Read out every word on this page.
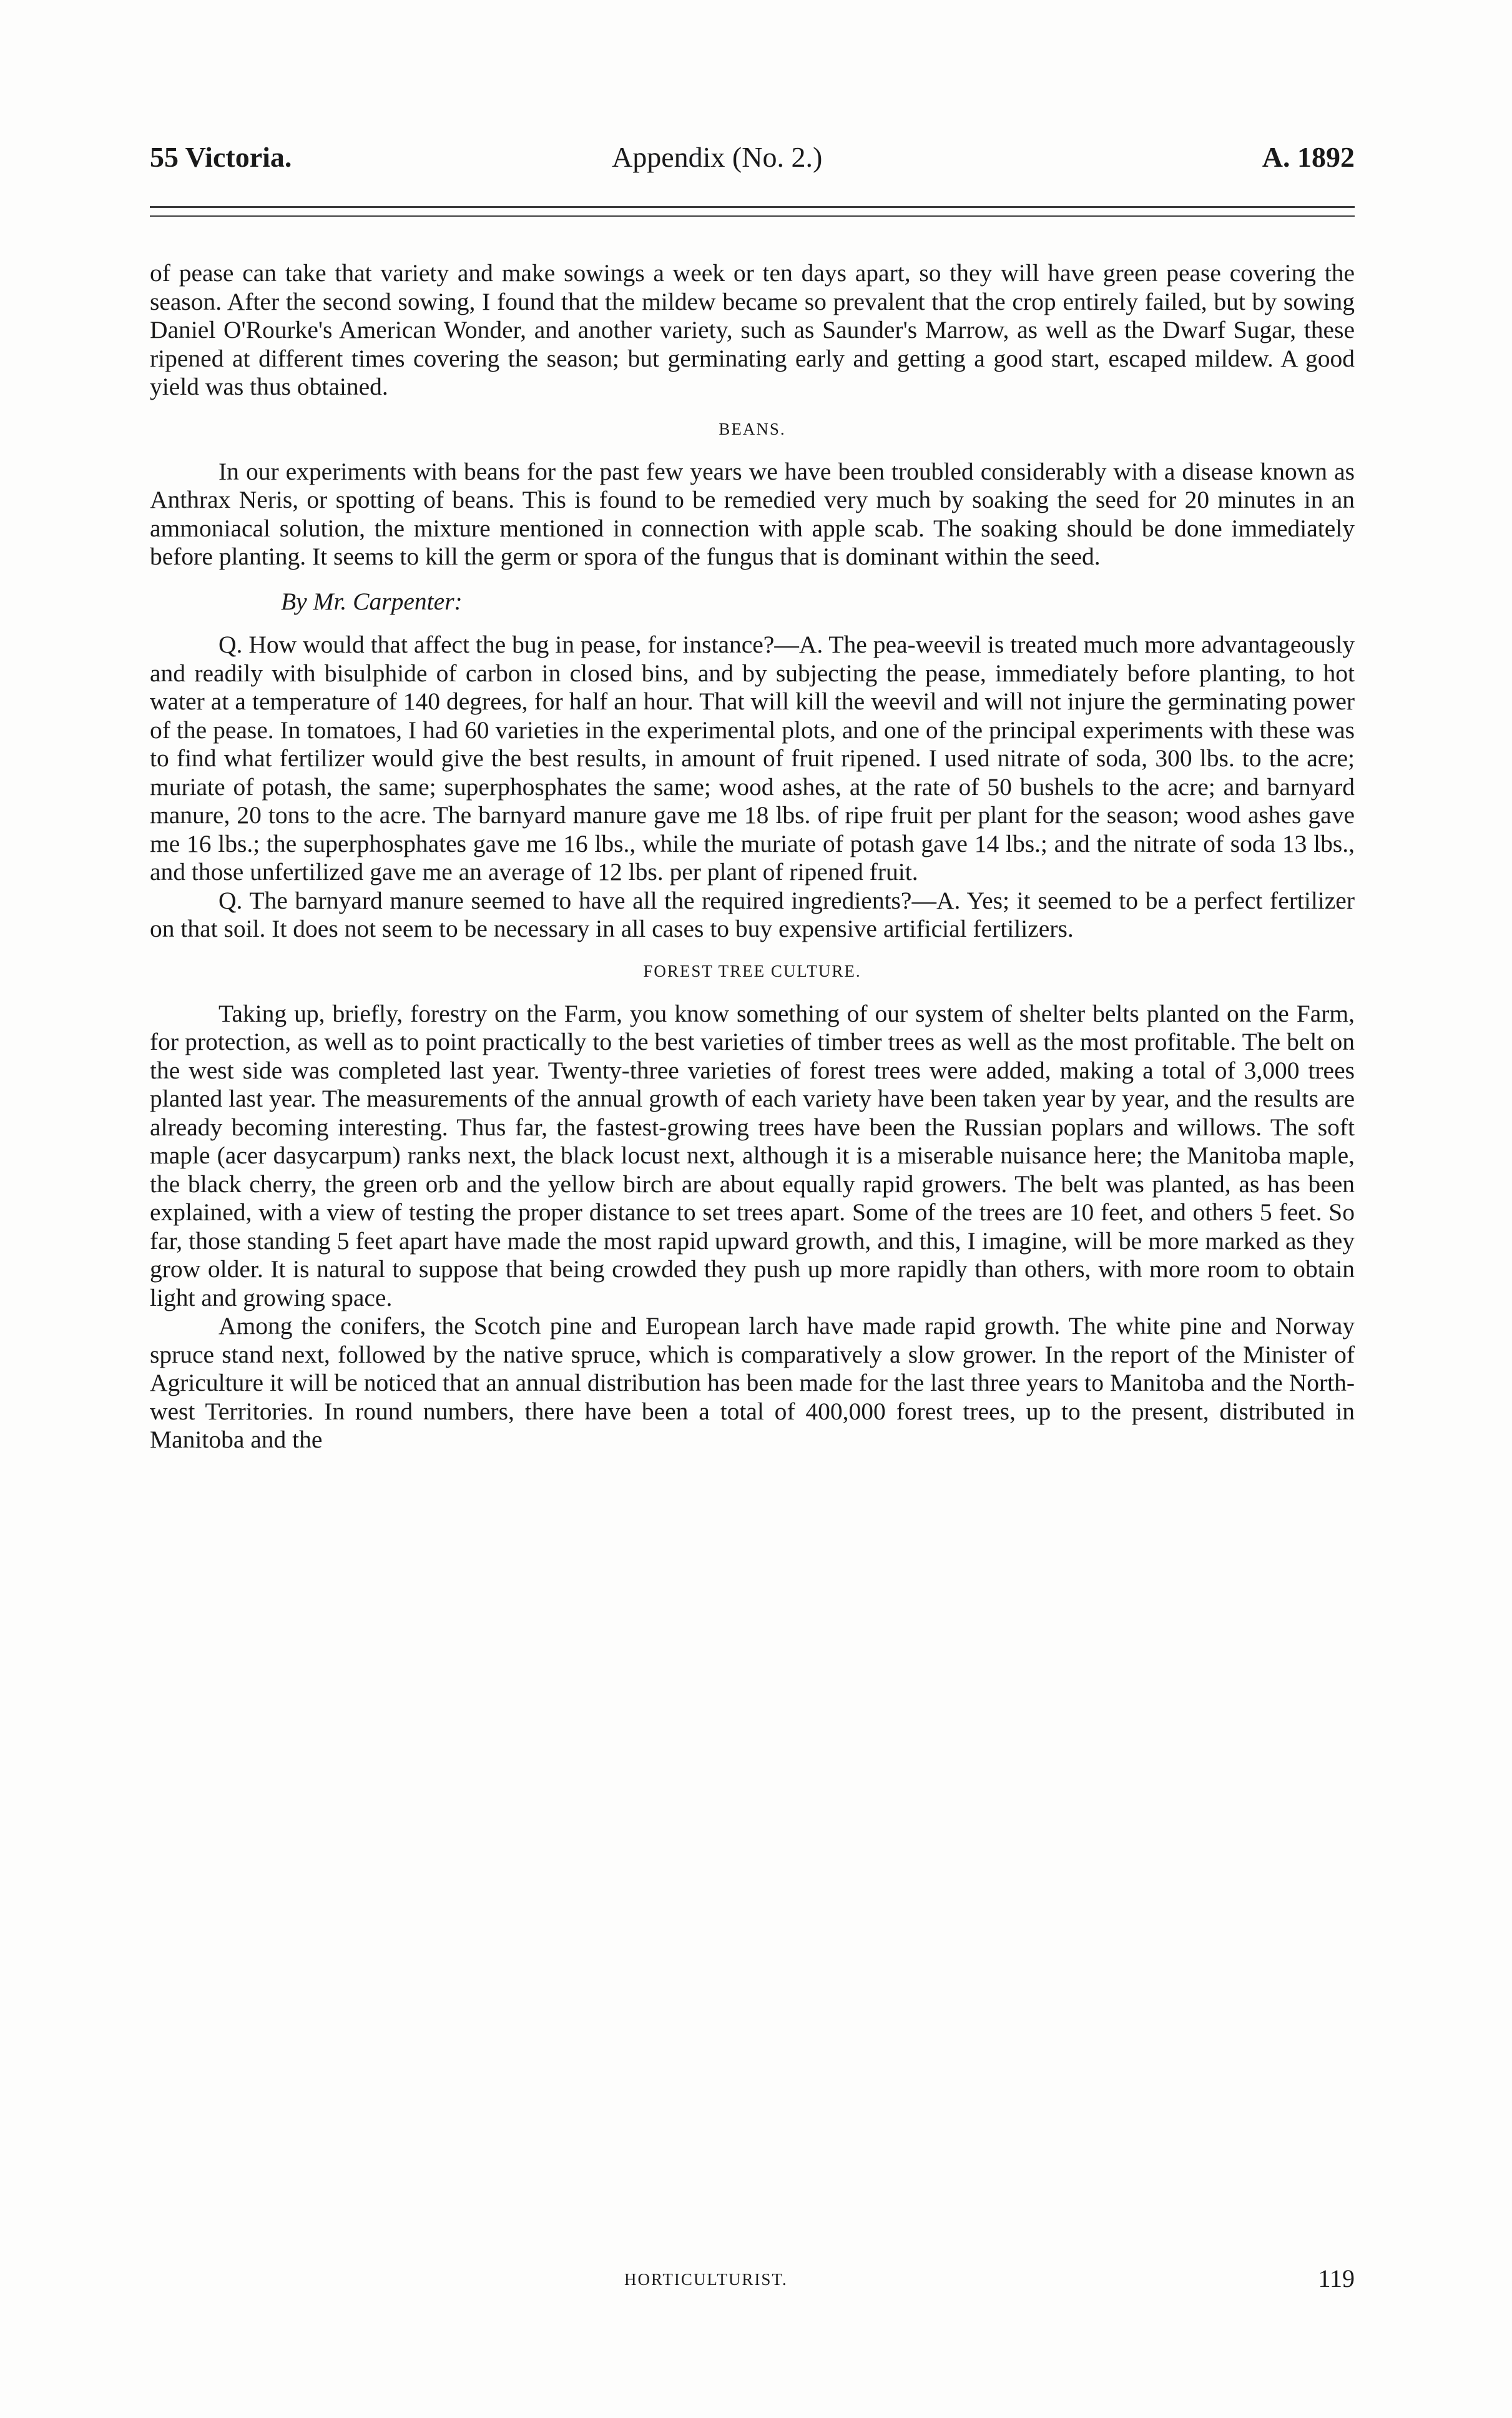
55 Victoria.	Appendix (No. 2.)	A. 1892

of pease can take that variety and make sowings a week or ten days apart, so they will have green pease covering the season. After the second sowing, I found that the mildew became so prevalent that the crop entirely failed, but by sowing Daniel O'Rourke's American Wonder, and another variety, such as Saunder's Marrow, as well as the Dwarf Sugar, these ripened at different times covering the season; but germinating early and getting a good start, escaped mildew. A good yield was thus obtained.

BEANS.

In our experiments with beans for the past few years we have been troubled considerably with a disease known as Anthrax Neris, or spotting of beans. This is found to be remedied very much by soaking the seed for 20 minutes in an ammoniacal solution, the mixture mentioned in connection with apple scab. The soaking should be done immediately before planting. It seems to kill the germ or spora of the fungus that is dominant within the seed.

By Mr. Carpenter:

Q. How would that affect the bug in pease, for instance?—A. The pea-weevil is treated much more advantageously and readily with bisulphide of carbon in closed bins, and by subjecting the pease, immediately before planting, to hot water at a temperature of 140 degrees, for half an hour. That will kill the weevil and will not injure the germinating power of the pease. In tomatoes, I had 60 varieties in the experimental plots, and one of the principal experiments with these was to find what fertilizer would give the best results, in amount of fruit ripened. I used nitrate of soda, 300 lbs. to the acre; muriate of potash, the same; superphosphates the same; wood ashes, at the rate of 50 bushels to the acre; and barnyard manure, 20 tons to the acre. The barnyard manure gave me 18 lbs. of ripe fruit per plant for the season; wood ashes gave me 16 lbs.; the superphosphates gave me 16 lbs., while the muriate of potash gave 14 lbs.; and the nitrate of soda 13 lbs., and those unfertilized gave me an average of 12 lbs. per plant of ripened fruit.

Q. The barnyard manure seemed to have all the required ingredients?—A. Yes; it seemed to be a perfect fertilizer on that soil. It does not seem to be necessary in all cases to buy expensive artificial fertilizers.

FOREST TREE CULTURE.

Taking up, briefly, forestry on the Farm, you know something of our system of shelter belts planted on the Farm, for protection, as well as to point practically to the best varieties of timber trees as well as the most profitable. The belt on the west side was completed last year. Twenty-three varieties of forest trees were added, making a total of 3,000 trees planted last year. The measurements of the annual growth of each variety have been taken year by year, and the results are already becoming interesting. Thus far, the fastest-growing trees have been the Russian poplars and willows. The soft maple (acer dasycarpum) ranks next, the black locust next, although it is a miserable nuisance here; the Manitoba maple, the black cherry, the green orb and the yellow birch are about equally rapid growers. The belt was planted, as has been explained, with a view of testing the proper distance to set trees apart. Some of the trees are 10 feet, and others 5 feet. So far, those standing 5 feet apart have made the most rapid upward growth, and this, I imagine, will be more marked as they grow older. It is natural to suppose that being crowded they push up more rapidly than others, with more room to obtain light and growing space.

Among the conifers, the Scotch pine and European larch have made rapid growth. The white pine and Norway spruce stand next, followed by the native spruce, which is comparatively a slow grower. In the report of the Minister of Agriculture it will be noticed that an annual distribution has been made for the last three years to Manitoba and the North-west Territories. In round numbers, there have been a total of 400,000 forest trees, up to the present, distributed in Manitoba and the

HORTICULTURIST.	119
